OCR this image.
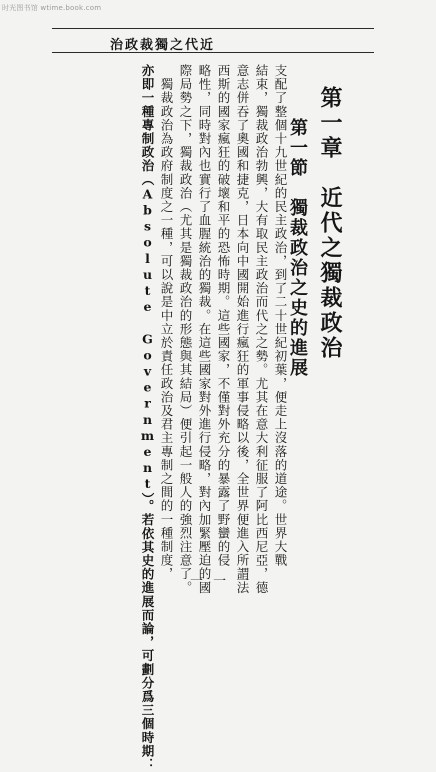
时光图书馆 wtime.book.com
治政裁獨之代近
第一章　近代之獨裁政治
第一節　獨裁政治之史的進展
支配了整個十九世紀的民主政治，到了二十世紀初葉，便走上沒落的道途。世界大戰
結束，獨裁政治勃興，大有取民主政治而代之之勢。尤其在意大利征服了阿比西尼亞，德
意志併吞了奧國和捷克，日本向中國開始進行瘋狂的軍事侵略以後，全世界便進入所謂法
西斯的國家瘋狂的破壞和平的恐怖時期。這些國家，不僅對外充分的暴露了野蠻的侵
略性，同時對內也實行了血腥統治的獨裁。在這些國家對外進行侵略，對內加緊壓迫的國
際局勢之下，獨裁政治（尤其是獨裁政治的形態與其結局）便引起一般人的強烈注意了。
　獨裁政治為政府制度之一種，可以說是中立於責任政治及君主專制之間的一種制度，
亦即一種專制政治（Absolute Government）。若依其史的進展而論，可劃分爲三個時期：	一 一 一
